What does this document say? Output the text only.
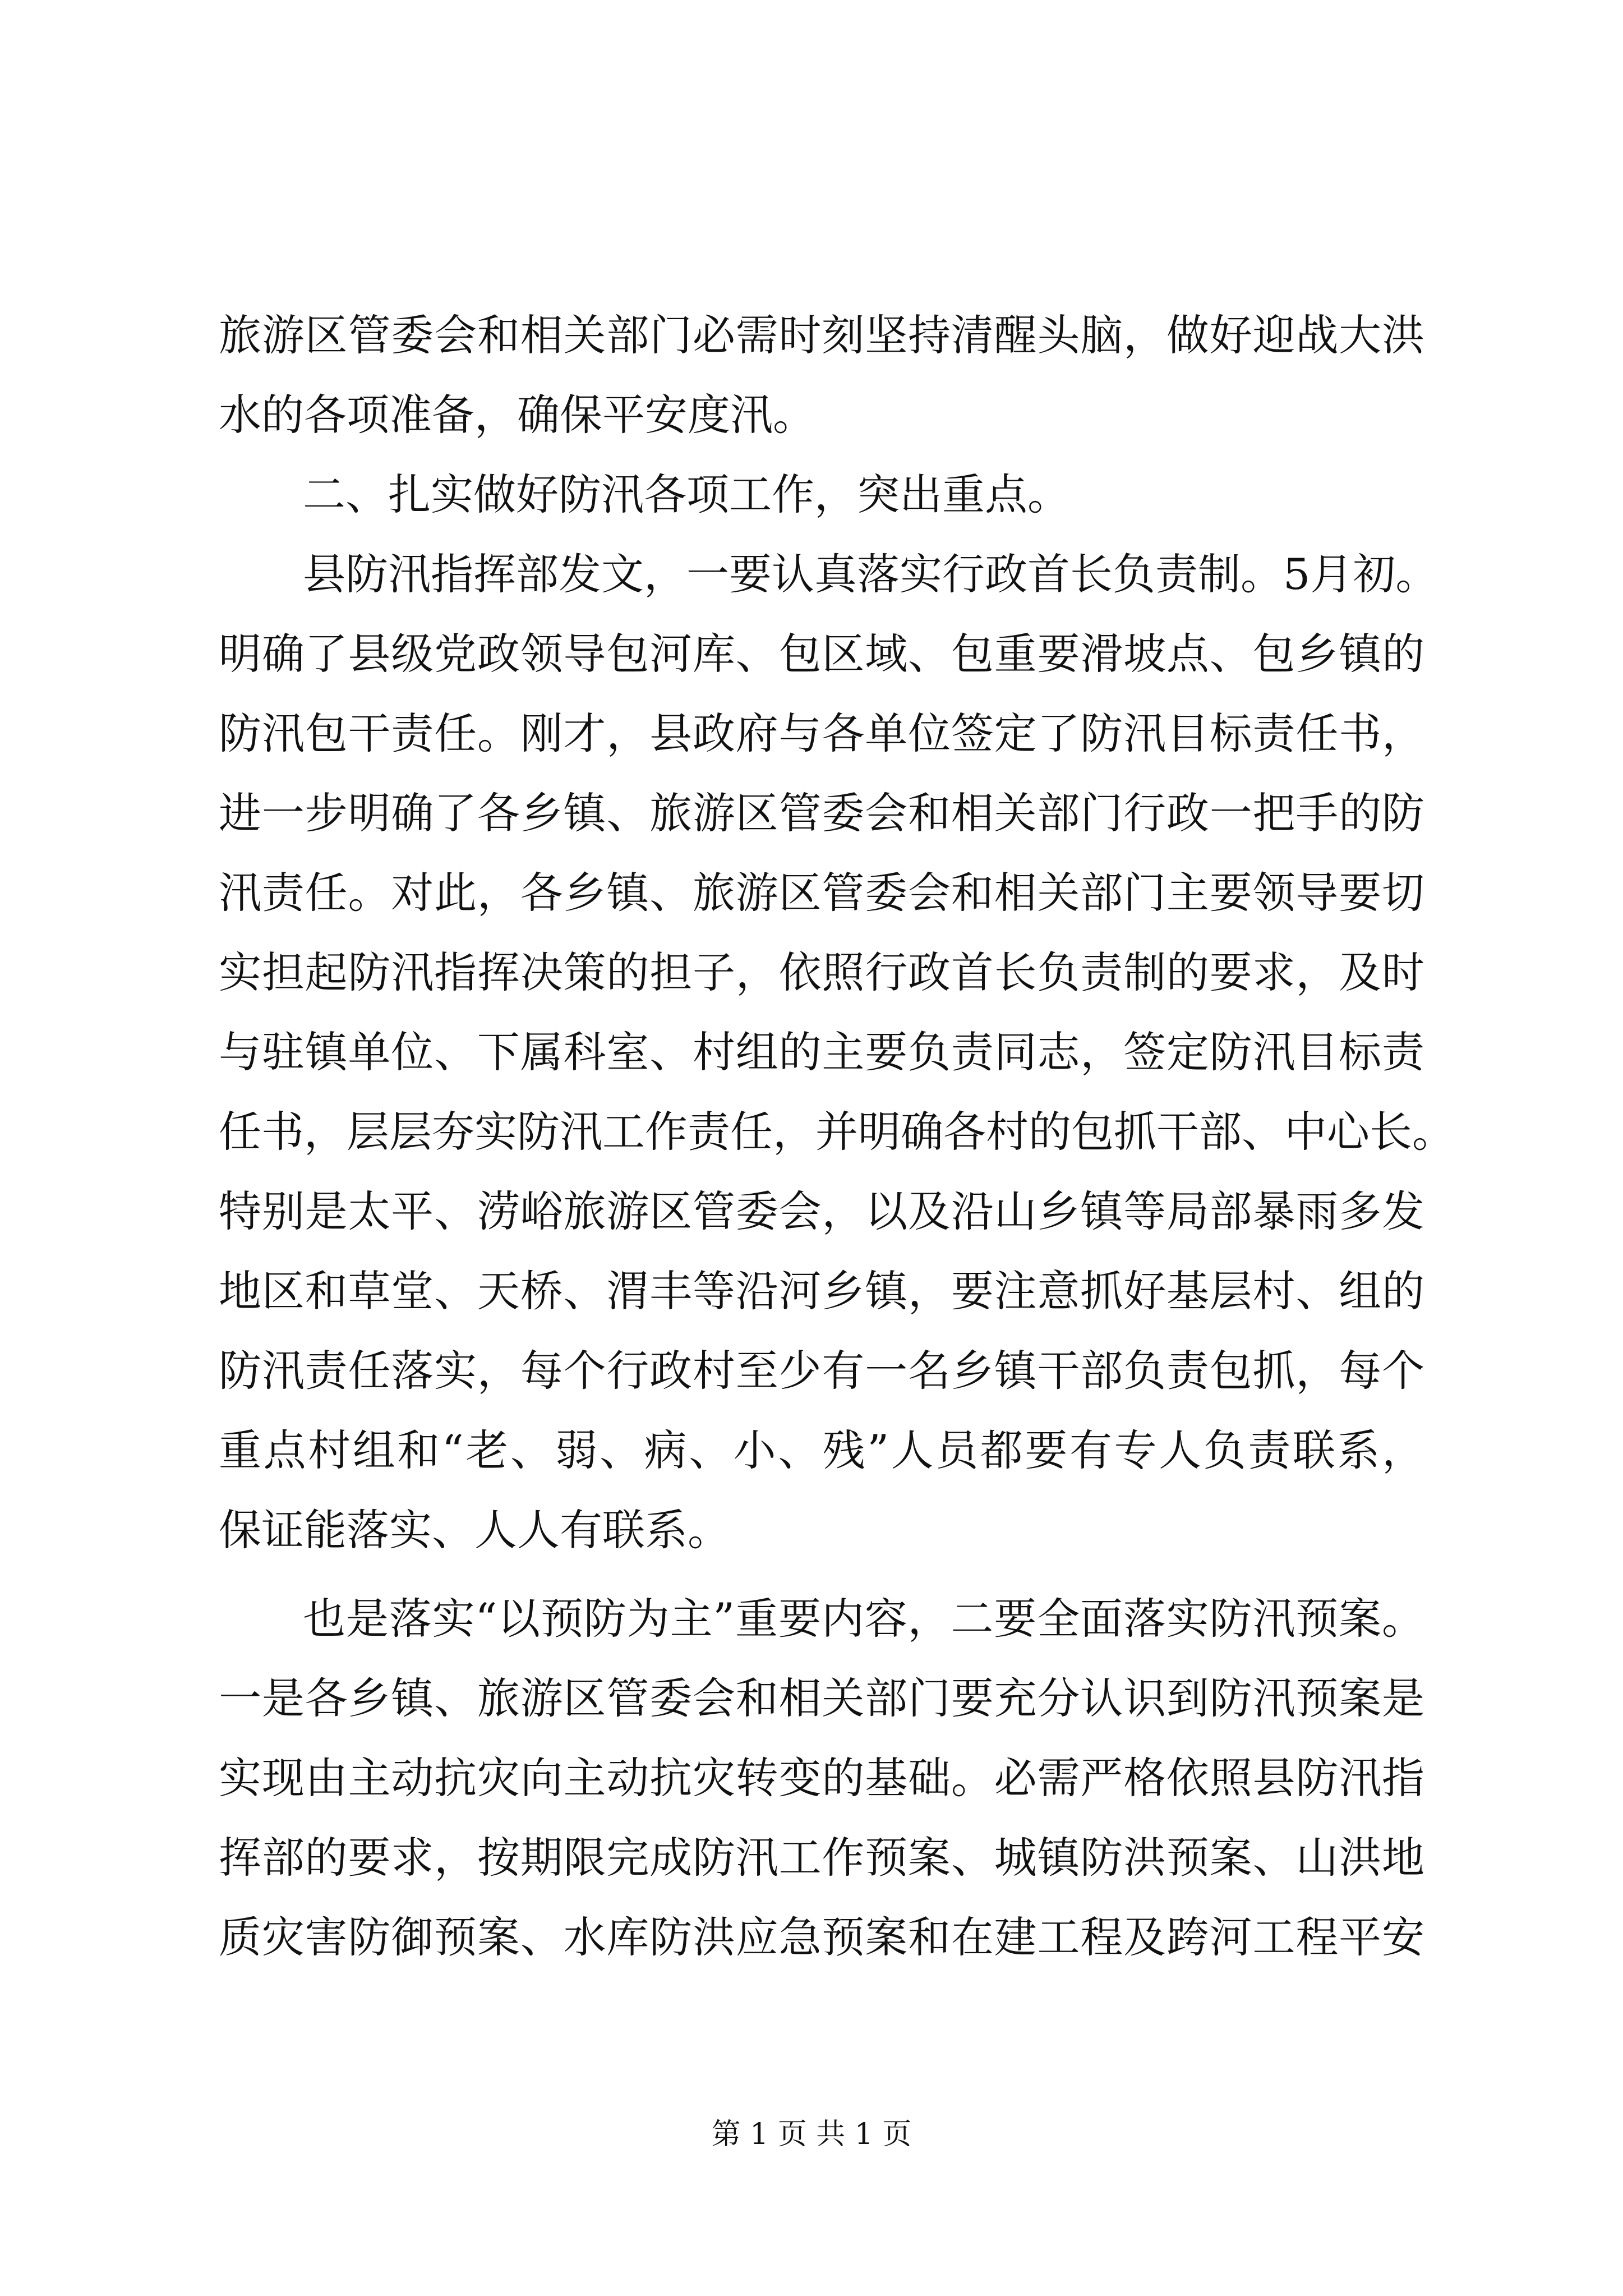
旅游区管委会和相关部门必需时刻坚持清醒头脑，做好迎战大洪
水的各项准备，确保平安度汛。
二、扎实做好防汛各项工作，突出重点。
县防汛指挥部发文，一要认真落实行政首长负责制。5月初。
明确了县级党政领导包河库、包区域、包重要滑坡点、包乡镇的
防汛包干责任。刚才，县政府与各单位签定了防汛目标责任书，
进一步明确了各乡镇、旅游区管委会和相关部门行政一把手的防
汛责任。对此，各乡镇、旅游区管委会和相关部门主要领导要切
实担起防汛指挥决策的担子，依照行政首长负责制的要求，及时
与驻镇单位、下属科室、村组的主要负责同志，签定防汛目标责
任书，层层夯实防汛工作责任，并明确各村的包抓干部、中心长。
特别是太平、涝峪旅游区管委会，以及沿山乡镇等局部暴雨多发
地区和草堂、天桥、渭丰等沿河乡镇，要注意抓好基层村、组的
防汛责任落实，每个行政村至少有一名乡镇干部负责包抓，每个
重点村组和“老、弱、病、小、残”人员都要有专人负责联系，
保证能落实、人人有联系。
也是落实“以预防为主”重要内容，二要全面落实防汛预案。
一是各乡镇、旅游区管委会和相关部门要充分认识到防汛预案是
实现由主动抗灾向主动抗灾转变的基础。必需严格依照县防汛指
挥部的要求，按期限完成防汛工作预案、城镇防洪预案、山洪地
质灾害防御预案、水库防洪应急预案和在建工程及跨河工程平安
第 1 页 共 1 页
